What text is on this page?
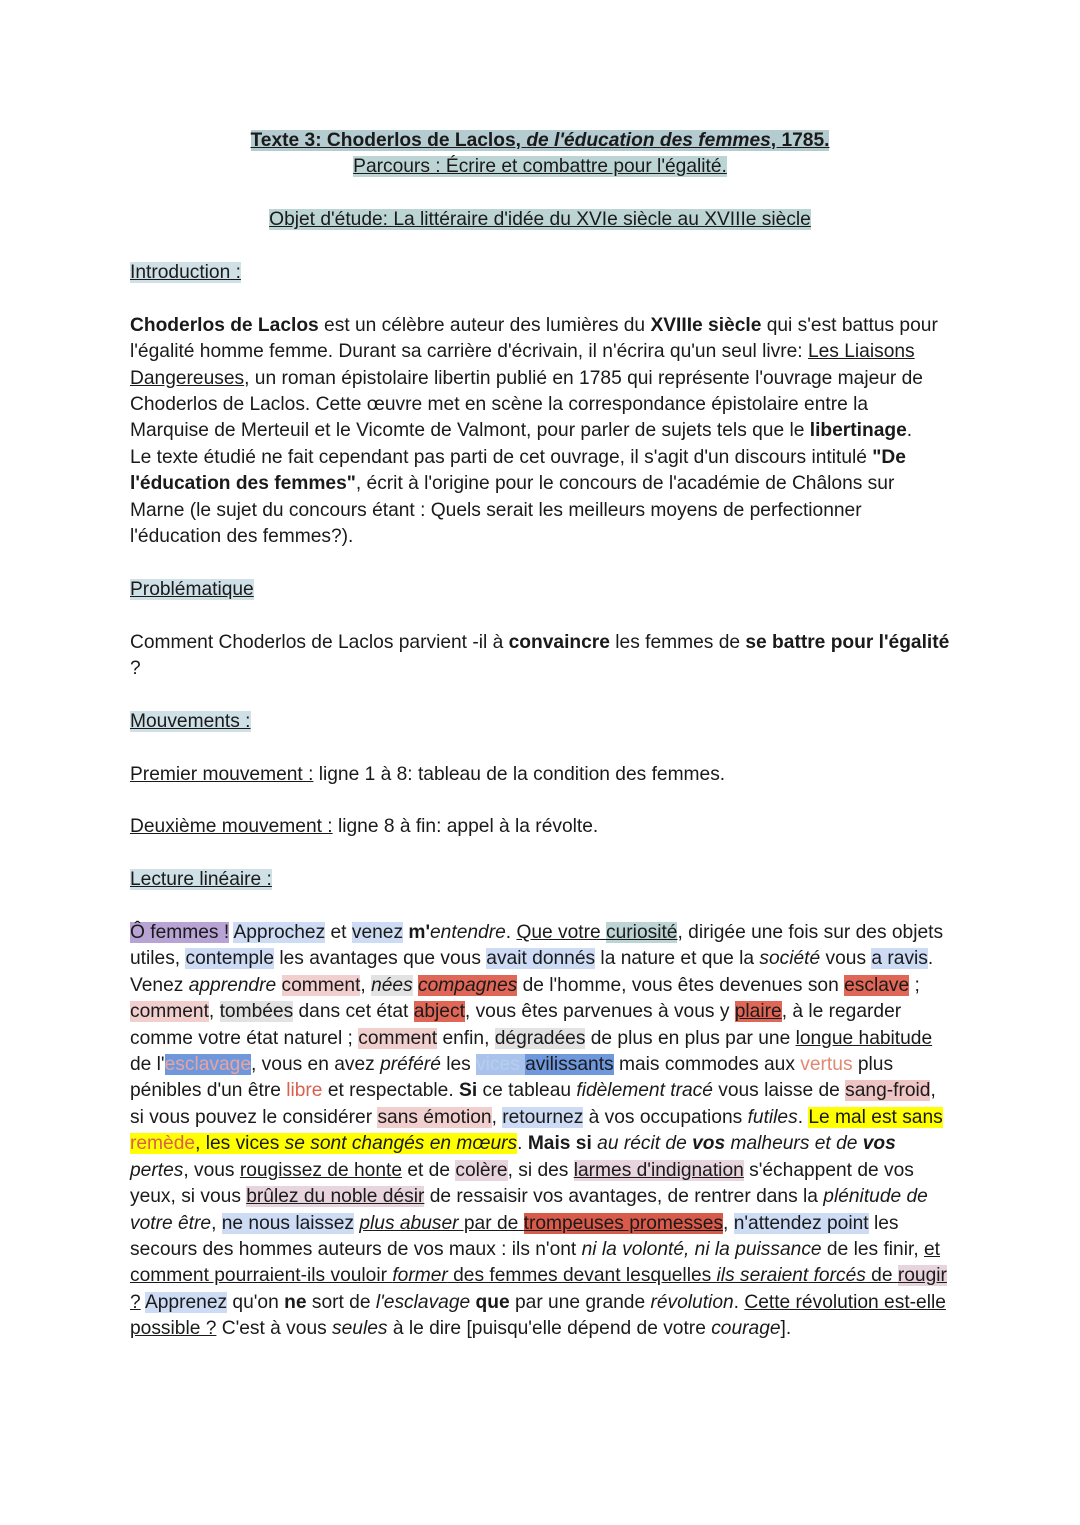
Texte 3: Choderlos de Laclos, de l'éducation des femmes, 1785.

Parcours : Écrire et combattre pour l'égalité.

Objet d'étude: La littéraire d'idée du XVIe siècle au XVIIIe siècle

Introduction :

Choderlos de Laclos est un célèbre auteur des lumières du XVIIIe siècle qui s'est battus pour l'égalité homme femme. Durant sa carrière d'écrivain, il n'écrira qu'un seul livre: Les Liaisons Dangereuses, un roman épistolaire libertin publié en 1785 qui représente l'ouvrage majeur de Choderlos de Laclos. Cette œuvre met en scène la correspondance épistolaire entre la Marquise de Merteuil et le Vicomte de Valmont, pour parler de sujets tels que le libertinage.

Le texte étudié ne fait cependant pas parti de cet ouvrage, il s'agit d'un discours intitulé "De l'éducation des femmes", écrit à l'origine pour le concours de l'académie de Châlons sur Marne (le sujet du concours étant : Quels serait les meilleurs moyens de perfectionner l'éducation des femmes?).

Problématique

Comment Choderlos de Laclos parvient -il à convaincre les femmes de se battre pour l'égalité ?

Mouvements :

Premier mouvement : ligne 1 à 8: tableau de la condition des femmes.

Deuxième mouvement : ligne 8 à fin: appel à la révolte.

Lecture linéaire :

Ô femmes ! Approchez et venez m'entendre. Que votre curiosité, dirigée une fois sur des objets utiles, contemple les avantages que vous avait donnés la nature et que la société vous a ravis. Venez apprendre comment, nées compagnes de l'homme, vous êtes devenues son esclave ; comment, tombées dans cet état abject, vous êtes parvenues à vous y plaire, à le regarder comme votre état naturel ; comment enfin, dégradées de plus en plus par une longue habitude de l'esclavage, vous en avez préféré les vices avilissants mais commodes aux vertus plus pénibles d'un être libre et respectable. Si ce tableau fidèlement tracé vous laisse de sang-froid, si vous pouvez le considérer sans émotion, retournez à vos occupations futiles. Le mal est sans remède, les vices se sont changés en mœurs. Mais si au récit de vos malheurs et de vos pertes, vous rougissez de honte et de colère, si des larmes d'indignation s'échappent de vos yeux, si vous brûlez du noble désir de ressaisir vos avantages, de rentrer dans la plénitude de votre être, ne nous laissez plus abuser par de trompeuses promesses, n'attendez point les secours des hommes auteurs de vos maux : ils n'ont ni la volonté, ni la puissance de les finir, et comment pourraient-ils vouloir former des femmes devant lesquelles ils seraient forcés de rougir ? Apprenez qu'on ne sort de l'esclavage que par une grande révolution. Cette révolution est-elle possible ? C'est à vous seules à le dire [puisqu'elle dépend de votre courage].
